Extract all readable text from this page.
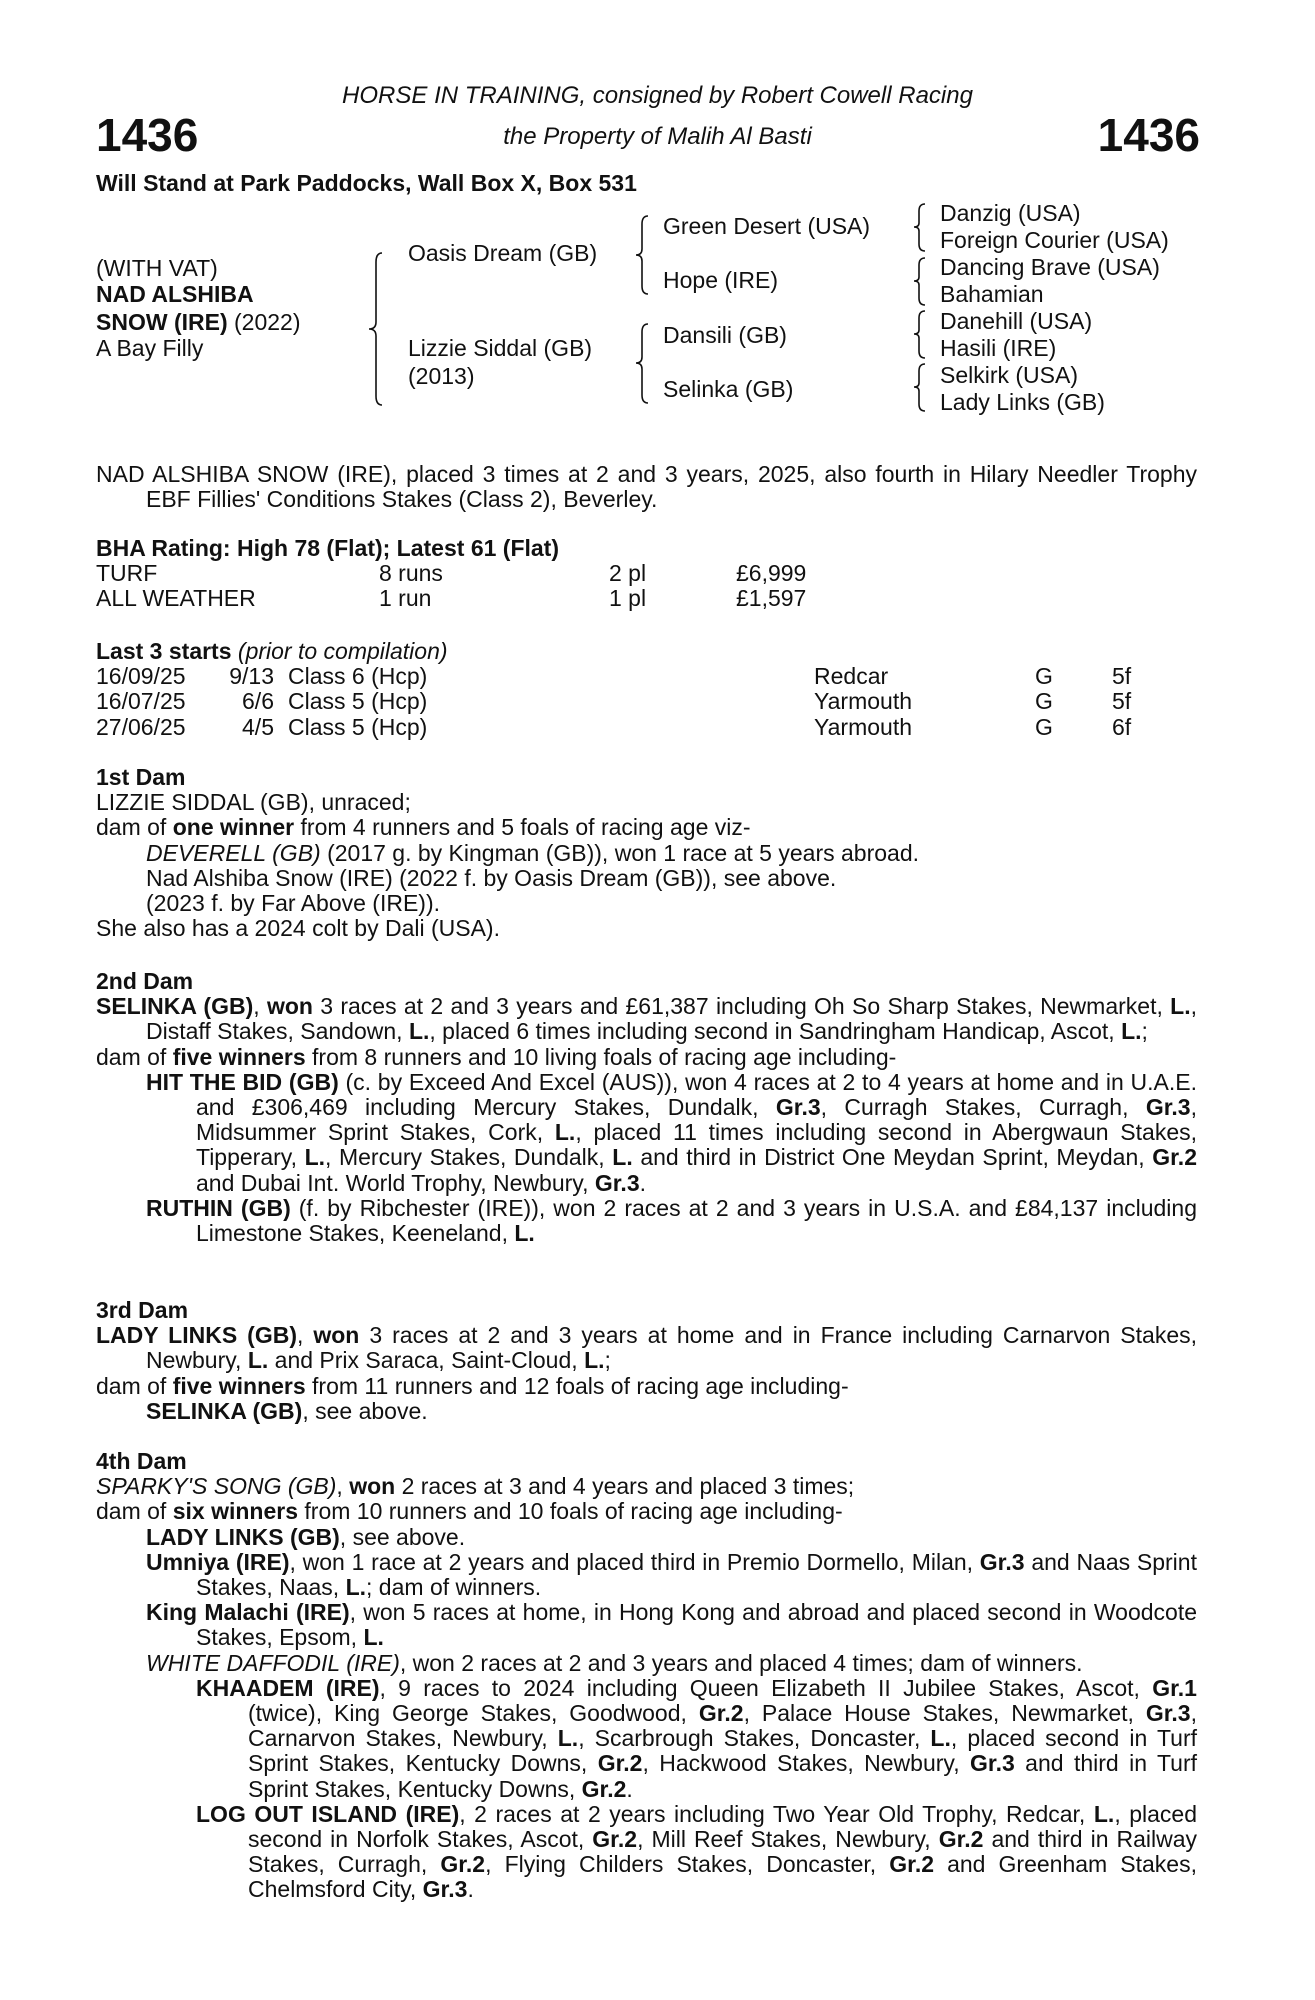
HORSE IN TRAINING, consigned by Robert Cowell Racing
the Property of Malih Al Basti
1436	1436
Will Stand at Park Paddocks, Wall Box X, Box 531
(WITH VAT)
NAD ALSHIBA
SNOW (IRE) (2022)
A Bay Filly
Oasis Dream (GB)
Lizzie Siddal (GB)
(2013)
Green Desert (USA)
Hope (IRE)
Dansili (GB)
Selinka (GB)
Danzig (USA)
Foreign Courier (USA)
Dancing Brave (USA)
Bahamian
Danehill (USA)
Hasili (IRE)
Selkirk (USA)
Lady Links (GB)
NAD ALSHIBA SNOW (IRE), placed 3 times at 2 and 3 years, 2025, also fourth in Hilary Needler Trophy EBF Fillies' Conditions Stakes (Class 2), Beverley.
BHA Rating: High 78 (Flat); Latest 61 (Flat)
TURF	8 runs	2 pl	£6,999
ALL WEATHER	1 run	1 pl	£1,597
Last 3 starts (prior to compilation)
16/09/25 9/13 Class 6 (Hcp)	Redcar	G	5f
16/07/25 6/6 Class 5 (Hcp)	Yarmouth	G	5f
27/06/25 4/5 Class 5 (Hcp)	Yarmouth	G	6f
1st Dam
LIZZIE SIDDAL (GB), unraced;
dam of one winner from 4 runners and 5 foals of racing age viz-
DEVERELL (GB) (2017 g. by Kingman (GB)), won 1 race at 5 years abroad.
Nad Alshiba Snow (IRE) (2022 f. by Oasis Dream (GB)), see above.
(2023 f. by Far Above (IRE)).
She also has a 2024 colt by Dali (USA).
2nd Dam
SELINKA (GB), won 3 races at 2 and 3 years and £61,387 including Oh So Sharp Stakes, Newmarket, L., Distaff Stakes, Sandown, L., placed 6 times including second in Sandringham Handicap, Ascot, L.;
dam of five winners from 8 runners and 10 living foals of racing age including-
HIT THE BID (GB) (c. by Exceed And Excel (AUS)), won 4 races at 2 to 4 years at home and in U.A.E. and £306,469 including Mercury Stakes, Dundalk, Gr.3, Curragh Stakes, Curragh, Gr.3, Midsummer Sprint Stakes, Cork, L., placed 11 times including second in Abergwaun Stakes, Tipperary, L., Mercury Stakes, Dundalk, L. and third in District One Meydan Sprint, Meydan, Gr.2 and Dubai Int. World Trophy, Newbury, Gr.3.
RUTHIN (GB) (f. by Ribchester (IRE)), won 2 races at 2 and 3 years in U.S.A. and £84,137 including Limestone Stakes, Keeneland, L.
3rd Dam
LADY LINKS (GB), won 3 races at 2 and 3 years at home and in France including Carnarvon Stakes, Newbury, L. and Prix Saraca, Saint-Cloud, L.;
dam of five winners from 11 runners and 12 foals of racing age including-
SELINKA (GB), see above.
4th Dam
SPARKY'S SONG (GB), won 2 races at 3 and 4 years and placed 3 times;
dam of six winners from 10 runners and 10 foals of racing age including-
LADY LINKS (GB), see above.
Umniya (IRE), won 1 race at 2 years and placed third in Premio Dormello, Milan, Gr.3 and Naas Sprint Stakes, Naas, L.; dam of winners.
King Malachi (IRE), won 5 races at home, in Hong Kong and abroad and placed second in Woodcote Stakes, Epsom, L.
WHITE DAFFODIL (IRE), won 2 races at 2 and 3 years and placed 4 times; dam of winners.
KHAADEM (IRE), 9 races to 2024 including Queen Elizabeth II Jubilee Stakes, Ascot, Gr.1 (twice), King George Stakes, Goodwood, Gr.2, Palace House Stakes, Newmarket, Gr.3, Carnarvon Stakes, Newbury, L., Scarbrough Stakes, Doncaster, L., placed second in Turf Sprint Stakes, Kentucky Downs, Gr.2, Hackwood Stakes, Newbury, Gr.3 and third in Turf Sprint Stakes, Kentucky Downs, Gr.2.
LOG OUT ISLAND (IRE), 2 races at 2 years including Two Year Old Trophy, Redcar, L., placed second in Norfolk Stakes, Ascot, Gr.2, Mill Reef Stakes, Newbury, Gr.2 and third in Railway Stakes, Curragh, Gr.2, Flying Childers Stakes, Doncaster, Gr.2 and Greenham Stakes, Chelmsford City, Gr.3.
